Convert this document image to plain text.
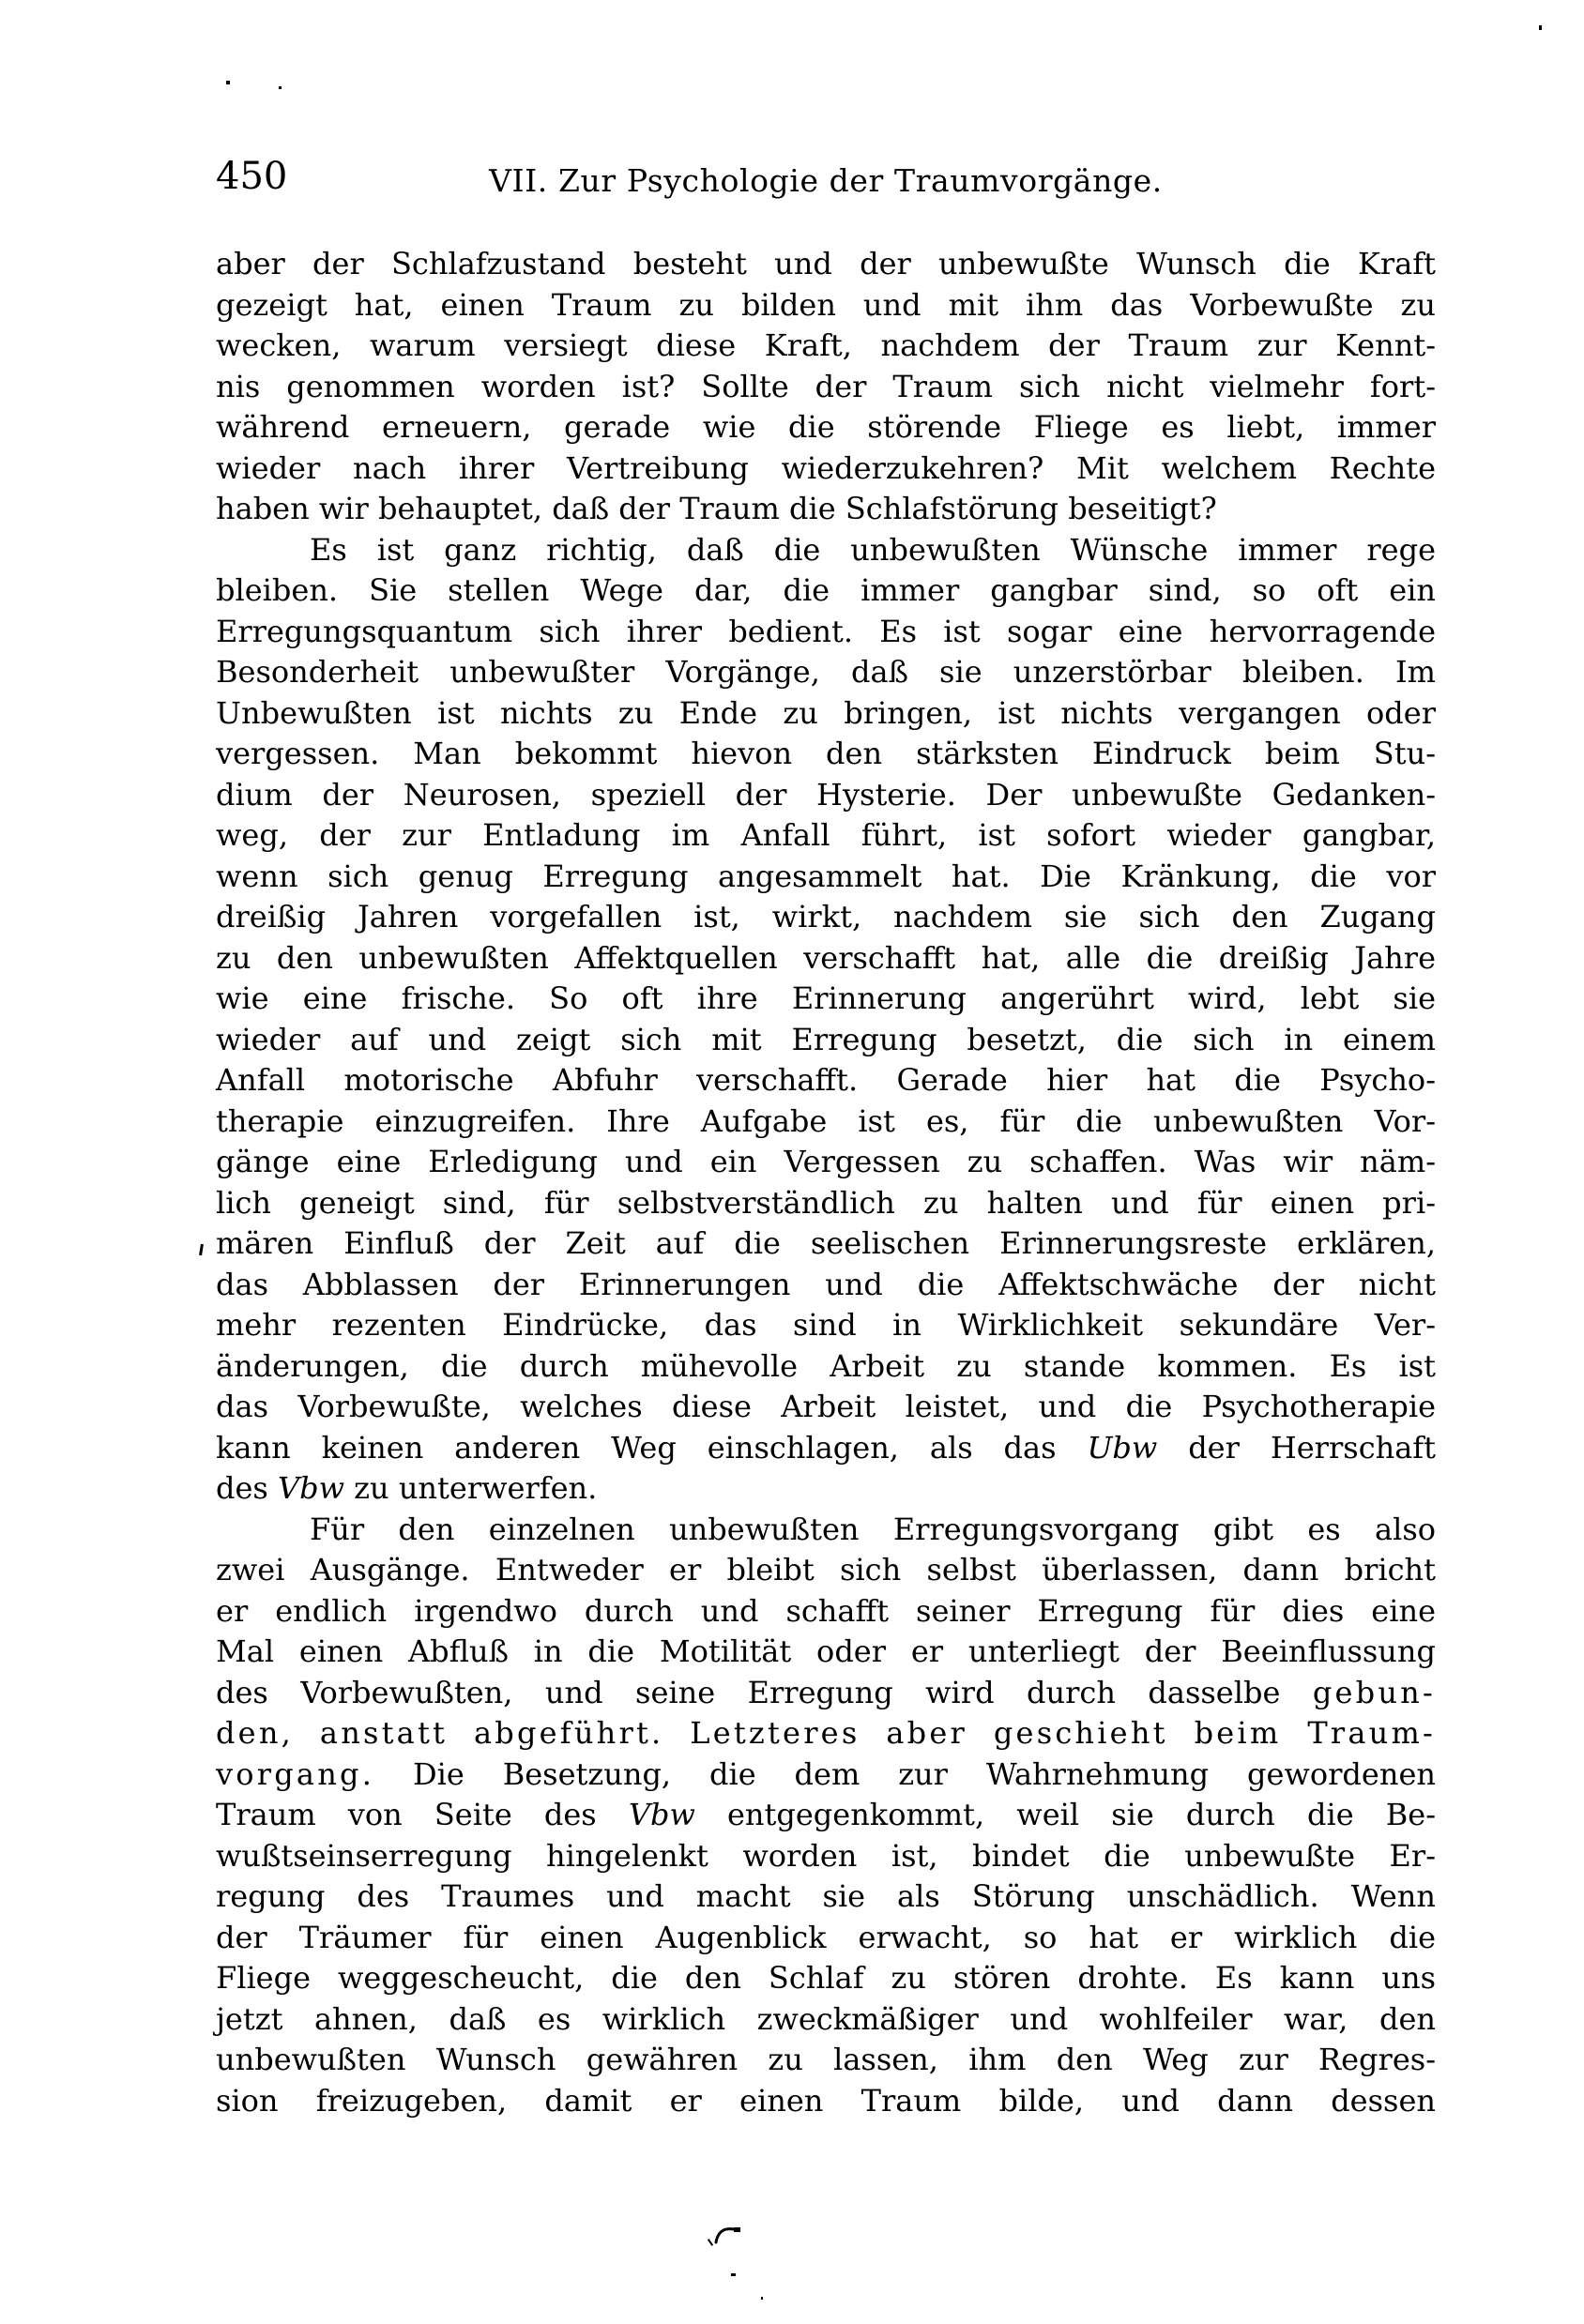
450	VII. Zur Psychologie der Traumvorgänge.
aber der Schlafzustand besteht und der unbewußte Wunsch die Kraft
gezeigt hat, einen Traum zu bilden und mit ihm das Vorbewußte zu
wecken, warum versiegt diese Kraft, nachdem der Traum zur Kennt-
nis genommen worden ist? Sollte der Traum sich nicht vielmehr fort-
während erneuern, gerade wie die störende Fliege es liebt, immer
wieder nach ihrer Vertreibung wiederzukehren? Mit welchem Rechte
haben wir behauptet, daß der Traum die Schlafstörung beseitigt?
Es ist ganz richtig, daß die unbewußten Wünsche immer rege
bleiben. Sie stellen Wege dar, die immer gangbar sind, so oft ein
Erregungsquantum sich ihrer bedient. Es ist sogar eine hervorragende
Besonderheit unbewußter Vorgänge, daß sie unzerstörbar bleiben. Im
Unbewußten ist nichts zu Ende zu bringen, ist nichts vergangen oder
vergessen. Man bekommt hievon den stärksten Eindruck beim Stu-
dium der Neurosen, speziell der Hysterie. Der unbewußte Gedanken-
weg, der zur Entladung im Anfall führt, ist sofort wieder gangbar,
wenn sich genug Erregung angesammelt hat. Die Kränkung, die vor
dreißig Jahren vorgefallen ist, wirkt, nachdem sie sich den Zugang
zu den unbewußten Affektquellen verschafft hat, alle die dreißig Jahre
wie eine frische. So oft ihre Erinnerung angerührt wird, lebt sie
wieder auf und zeigt sich mit Erregung besetzt, die sich in einem
Anfall motorische Abfuhr verschafft. Gerade hier hat die Psycho-
therapie einzugreifen. Ihre Aufgabe ist es, für die unbewußten Vor-
gänge eine Erledigung und ein Vergessen zu schaffen. Was wir näm-
lich geneigt sind, für selbstverständlich zu halten und für einen pri-
mären Einfluß der Zeit auf die seelischen Erinnerungsreste erklären,
das Abblassen der Erinnerungen und die Affektschwäche der nicht
mehr rezenten Eindrücke, das sind in Wirklichkeit sekundäre Ver-
änderungen, die durch mühevolle Arbeit zu stande kommen. Es ist
das Vorbewußte, welches diese Arbeit leistet, und die Psychotherapie
kann keinen anderen Weg einschlagen, als das Ubw der Herrschaft
des Vbw zu unterwerfen.
Für den einzelnen unbewußten Erregungsvorgang gibt es also
zwei Ausgänge. Entweder er bleibt sich selbst überlassen, dann bricht
er endlich irgendwo durch und schafft seiner Erregung für dies eine
Mal einen Abfluß in die Motilität oder er unterliegt der Beeinflussung
des Vorbewußten, und seine Erregung wird durch dasselbe gebun-
den, anstatt abgeführt. Letzteres aber geschieht beim Traum-
vorgang. Die Besetzung, die dem zur Wahrnehmung gewordenen
Traum von Seite des Vbw entgegenkommt, weil sie durch die Be-
wußtseinserregung hingelenkt worden ist, bindet die unbewußte Er-
regung des Traumes und macht sie als Störung unschädlich. Wenn
der Träumer für einen Augenblick erwacht, so hat er wirklich die
Fliege weggescheucht, die den Schlaf zu stören drohte. Es kann uns
jetzt ahnen, daß es wirklich zweckmäßiger und wohlfeiler war, den
unbewußten Wunsch gewähren zu lassen, ihm den Weg zur Regres-
sion freizugeben, damit er einen Traum bilde, und dann dessen
